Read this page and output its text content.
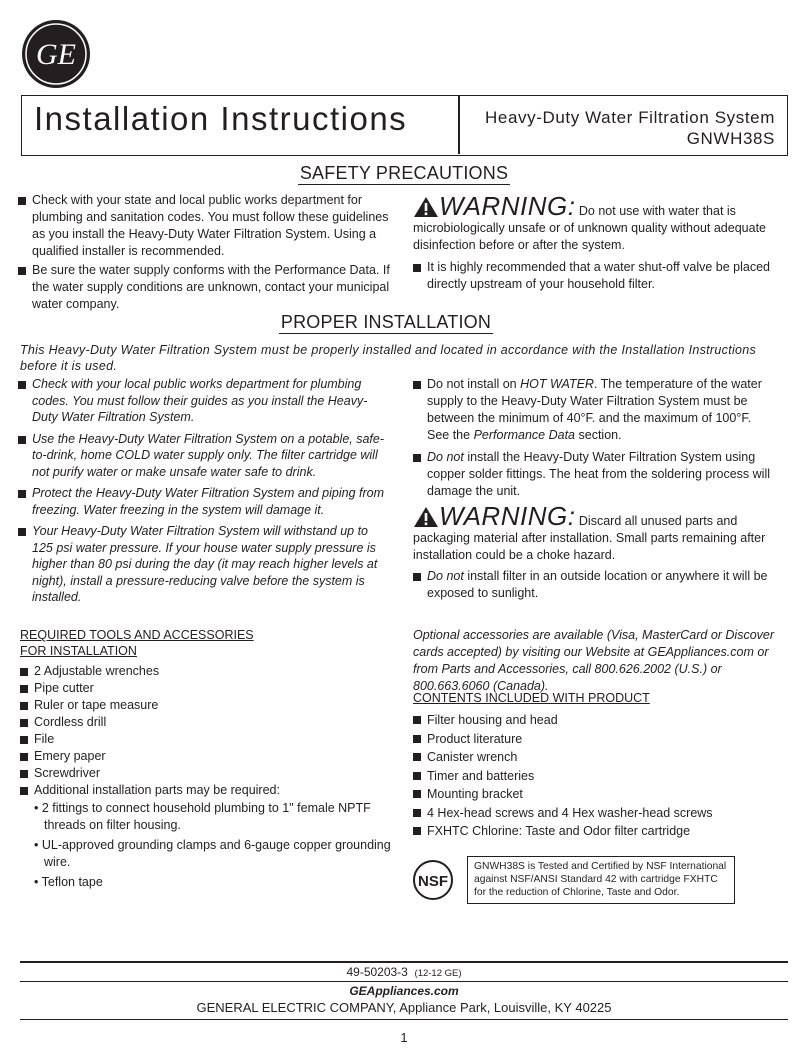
GE
Installation Instructions	Heavy-Duty Water Filtration System
GNWH38S
SAFETY PRECAUTIONS

Check with your state and local public works department for plumbing and sanitation codes. You must follow these guidelines as you install the Heavy-Duty Water Filtration System. Using a qualified installer is recommended.

Be sure the water supply conforms with the Performance Data. If the water supply conditions are unknown, contact your municipal water company.

WARNING: Do not use with water that is microbiologically unsafe or of unknown quality without adequate disinfection before or after the system.

It is highly recommended that a water shut-off valve be placed directly upstream of your household filter.

PROPER INSTALLATION

This Heavy-Duty Water Filtration System must be properly installed and located in accordance with the Installation Instructions before it is used.

Check with your local public works department for plumbing codes. You must follow their guides as you install the Heavy-Duty Water Filtration System.

Use the Heavy-Duty Water Filtration System on a potable, safe-to-drink, home COLD water supply only. The filter cartridge will not purify water or make unsafe water safe to drink.

Protect the Heavy-Duty Water Filtration System and piping from freezing. Water freezing in the system will damage it.

Your Heavy-Duty Water Filtration System will withstand up to 125 psi water pressure. If your house water supply pressure is higher than 80 psi during the day (it may reach higher levels at night), install a pressure-reducing valve before the system is installed.

Do not install on HOT WATER. The temperature of the water supply to the Heavy-Duty Water Filtration System must be between the minimum of 40°F. and the maximum of 100°F. See the Performance Data section.

Do not install the Heavy-Duty Water Filtration System using copper solder fittings. The heat from the soldering process will damage the unit.

WARNING: Discard all unused parts and packaging material after installation. Small parts remaining after installation could be a choke hazard.

Do not install filter in an outside location or anywhere it will be exposed to sunlight.

REQUIRED TOOLS AND ACCESSORIES
FOR INSTALLATION

2 Adjustable wrenches

Pipe cutter

Ruler or tape measure

Cordless drill

File

Emery paper

Screwdriver

Additional installation parts may be required:

• 2 fittings to connect household plumbing to 1" female NPTF threads on filter housing.

• UL-approved grounding clamps and 6-gauge copper grounding wire.

• Teflon tape

Optional accessories are available (Visa, MasterCard or Discover cards accepted) by visiting our Website at GEAppliances.com or from Parts and Accessories, call 800.626.2002 (U.S.) or 800.663.6060 (Canada).

CONTENTS INCLUDED WITH PRODUCT

Filter housing and head

Product literature

Canister wrench

Timer and batteries

Mounting bracket

4 Hex-head screws and 4 Hex washer-head screws

FXHTC Chlorine: Taste and Odor filter cartridge

NSF
GNWH38S is Tested and Certified by NSF International against NSF/ANSI Standard 42 with cartridge FXHTC for the reduction of Chlorine, Taste and Odor.
49-50203-3 (12-12 GE)
GEAppliances.com
GENERAL ELECTRIC COMPANY, Appliance Park, Louisville, KY 40225
1
